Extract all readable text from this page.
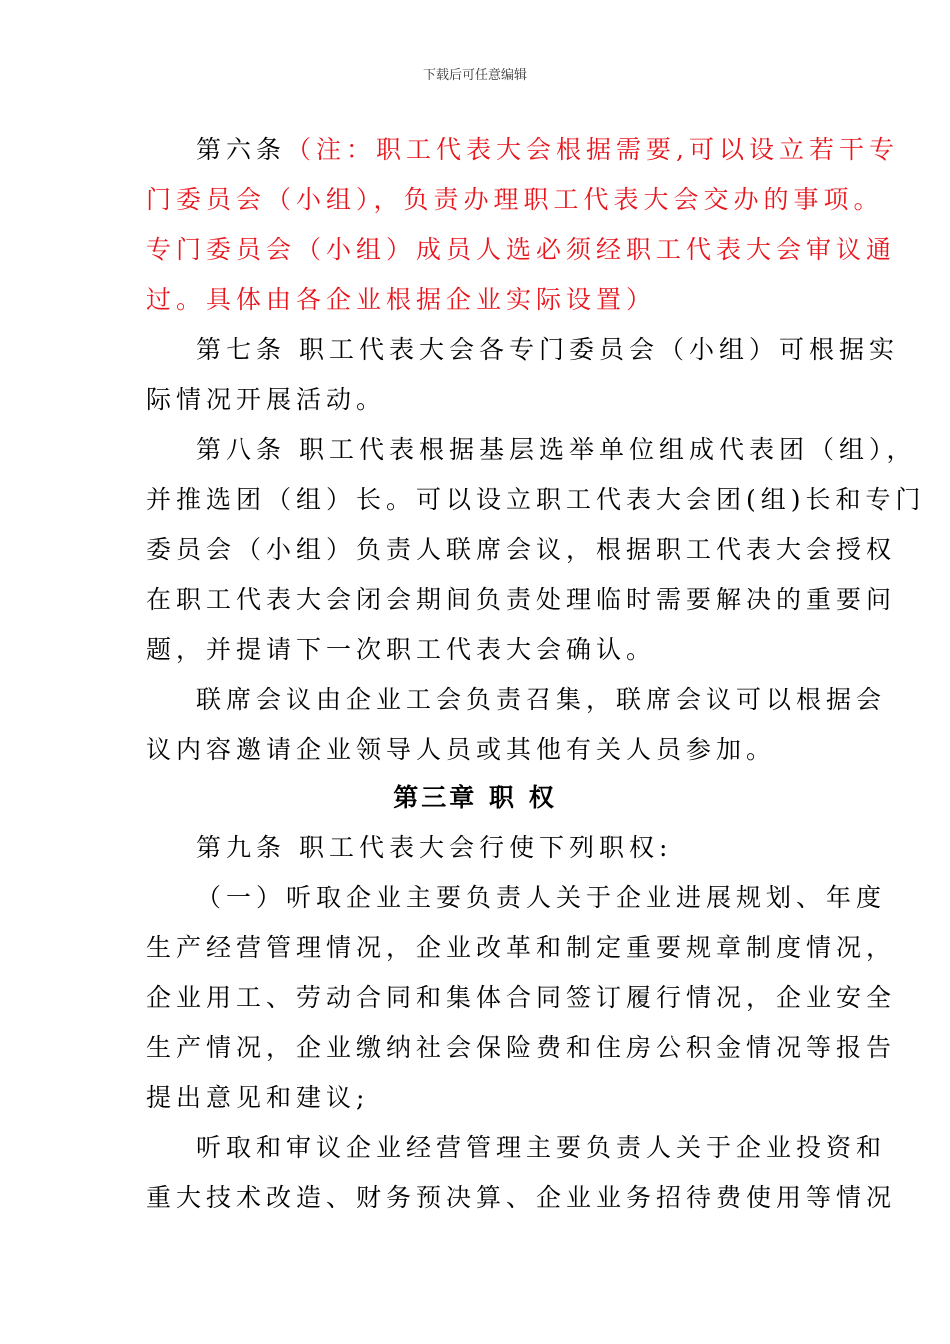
下载后可任意编辑
第六条（注：职工代表大会根据需要,可以设立若干专
门委员会（小组），负责办理职工代表大会交办的事项。
专门委员会（小组）成员人选必须经职工代表大会审议通
过。具体由各企业根据企业实际设置）
第七条 职工代表大会各专门委员会（小组）可根据实
际情况开展活动。
第八条 职工代表根据基层选举单位组成代表团（组），
并推选团（组）长。可以设立职工代表大会团(组)长和专门
委员会（小组）负责人联席会议，根据职工代表大会授权
在职工代表大会闭会期间负责处理临时需要解决的重要问
题，并提请下一次职工代表大会确认。
联席会议由企业工会负责召集，联席会议可以根据会
议内容邀请企业领导人员或其他有关人员参加。
第三章 职 权
第九条 职工代表大会行使下列职权:
（一）听取企业主要负责人关于企业进展规划、年度
生产经营管理情况，企业改革和制定重要规章制度情况，
企业用工、劳动合同和集体合同签订履行情况，企业安全
生产情况，企业缴纳社会保险费和住房公积金情况等报告
提出意见和建议;
听取和审议企业经营管理主要负责人关于企业投资和
重大技术改造、财务预决算、企业业务招待费使用等情况
